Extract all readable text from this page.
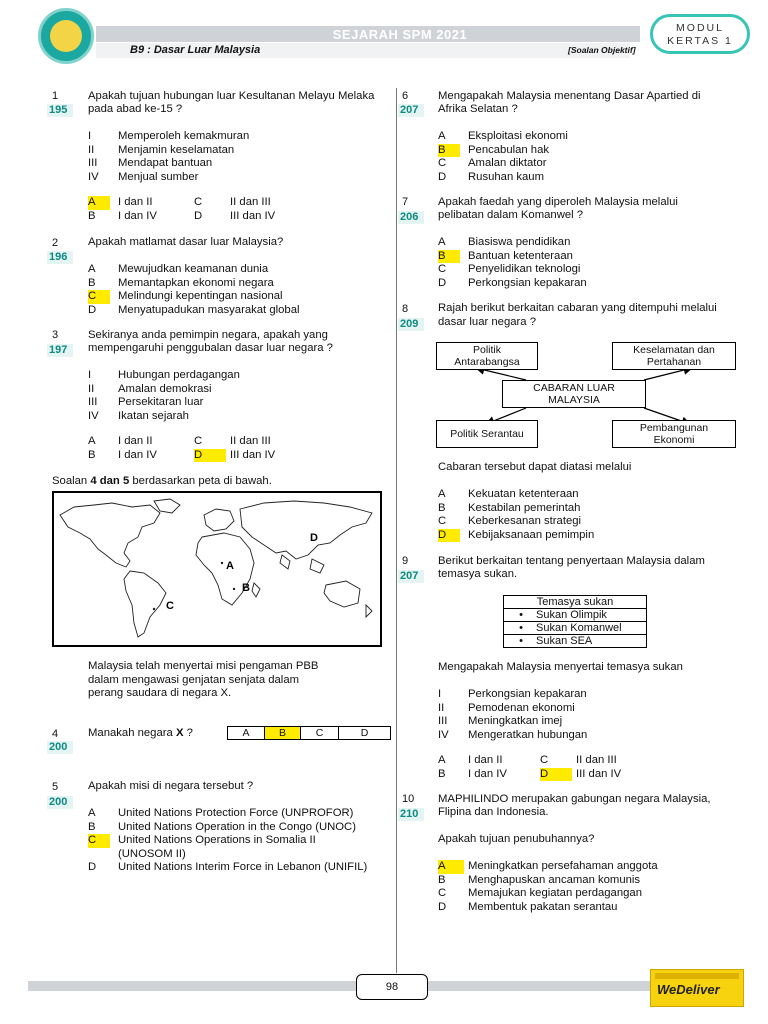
SEJARAH SPM 2021
B9 : Dasar Luar Malaysia	[Soalan Objektif]
MODUL
KERTAS 1
1
195
Apakah tujuan hubungan luar Kesultanan Melayu Melaka
pada abad ke-15 ?
I Memperoleh kemakmuran
II Menjamin keselamatan
III Mendapat bantuan
IV Menjual sumber
A I dan II	C II dan III
B I dan IV	D III dan IV
2
196
Apakah matlamat dasar luar Malaysia?
A Mewujudkan keamanan dunia
B Memantapkan ekonomi negara
C Melindungi kepentingan nasional
D Menyatupadukan masyarakat global
3
197
Sekiranya anda pemimpin negara, apakah yang
mempengaruhi penggubalan dasar luar negara ?
I Hubungan perdagangan
II Amalan demokrasi
III Persekitaran luar
IV Ikatan sejarah
A I dan II	C II dan III
B I dan IV	D III dan IV
Soalan 4 dan 5 berdasarkan peta di bawah.
A
B
C
D
Malaysia telah menyertai misi pengaman PBB
dalam mengawasi genjatan senjata dalam
perang saudara di negara X.
4
200
Manakah negara X ?	A	B	C	D
5
200
Apakah misi di negara tersebut ?
A United Nations Protection Force (UNPROFOR)
B United Nations Operation in the Congo (UNOC)
C United Nations Operations in Somalia II
(UNOSOM II)
D United Nations Interim Force in Lebanon (UNIFIL)
6
207
Mengapakah Malaysia menentang Dasar Apartied di
Afrika Selatan ?
A Eksploitasi ekonomi
B Pencabulan hak
C Amalan diktator
D Rusuhan kaum
7
206
Apakah faedah yang diperoleh Malaysia melalui
pelibatan dalam Komanwel ?
A Biasiswa pendidikan
B Bantuan ketenteraan
C Penyelidikan teknologi
D Perkongsian kepakaran
8
209
Rajah berikut berkaitan cabaran yang ditempuhi melalui
dasar luar negara ?
Politik
Antarabangsa
Keselamatan dan
Pertahanan
CABARAN LUAR
MALAYSIA
Politik Serantau	Pembangunan
Ekonomi
Cabaran tersebut dapat diatasi melalui
A Kekuatan ketenteraan
B Kestabilan pemerintah
C Keberkesanan strategi
D Kebijaksanaan pemimpin
9
207
Berikut berkaitan tentang penyertaan Malaysia dalam
temasya sukan.
Temasya sukan
• Sukan Olimpik
• Sukan Komanwel
• Sukan SEA
Mengapakah Malaysia menyertai temasya sukan
I Perkongsian kepakaran
II Pemodenan ekonomi
III Meningkatkan imej
IV Mengeratkan hubungan
A I dan II	C II dan III
B I dan IV	D III dan IV
10
210
MAPHILINDO merupakan gabungan negara Malaysia,
Flipina dan Indonesia.
Apakah tujuan penubuhannya?
A Meningkatkan persefahaman anggota
B Menghapuskan ancaman komunis
C Memajukan kegiatan perdagangan
D Membentuk pakatan serantau
98	WeDeliver
